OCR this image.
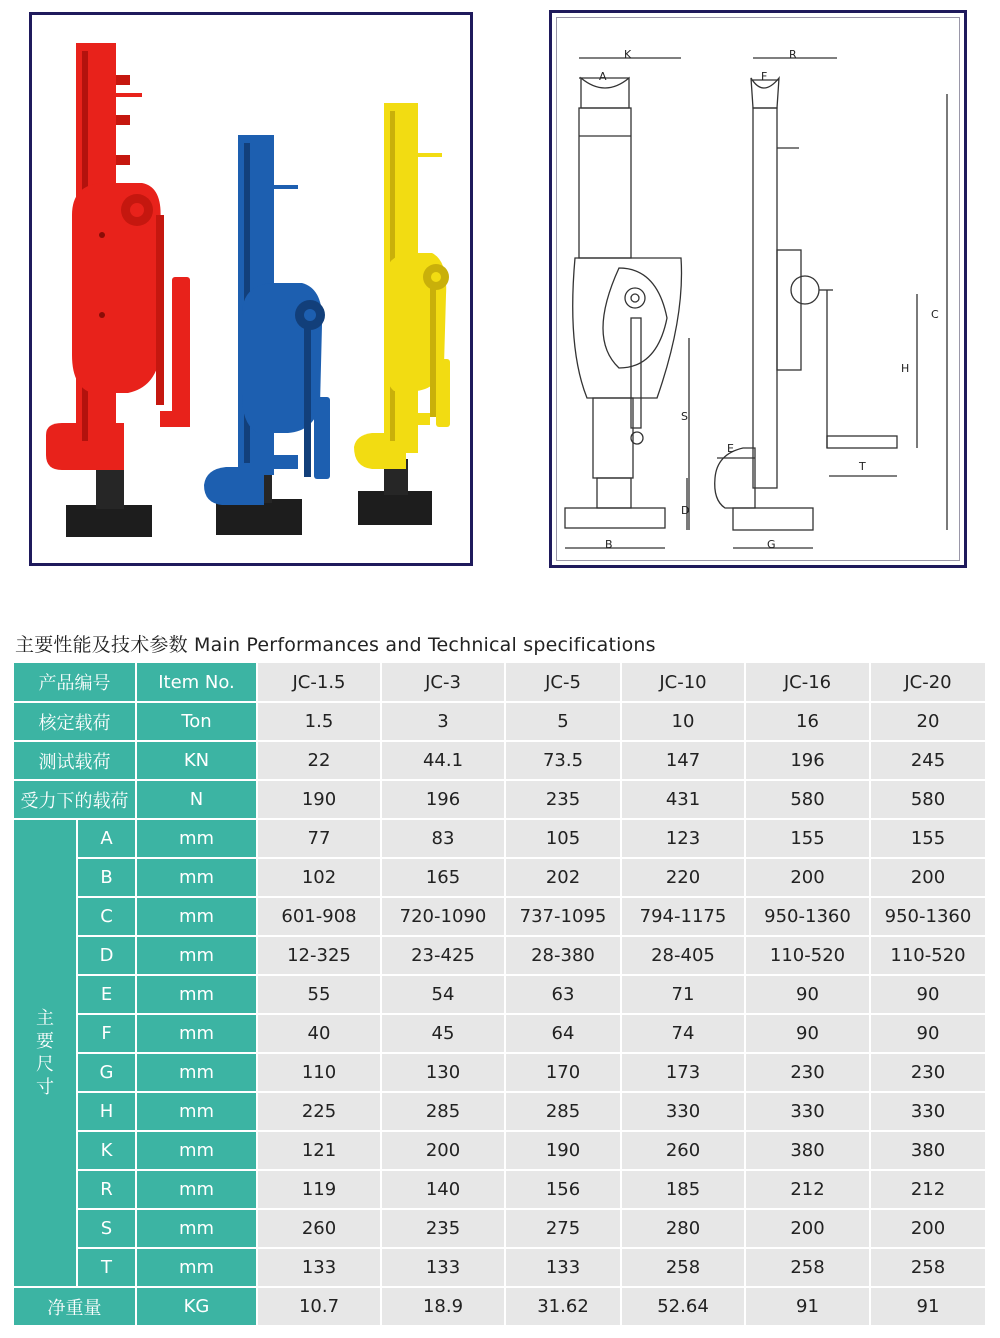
K
A
R
F
C
H
S
E
D
T
B	G
主要性能及技术参数 Main Performances and Technical specifications
产品编号		Item No.	JC-1.5	JC-3	JC-5	JC-10	JC-16	JC-20
核定载荷		Ton	1.5	3	5	10	16	20
测试载荷		KN	22	44.1	73.5	147	196	245
受力下的载荷		N	190	196	235	431	580	580

主
要
尺
寸	A	mm	77	83	105	123	155	155
	B	mm	102	165	202	220	200	200
	C	mm	601-908	720-1090	737-1095	794-1175	950-1360	950-1360
	D	mm	12-325	23-425	28-380	28-405	110-520	110-520
	E	mm	55	54	63	71	90	90
	F	mm	40	45	64	74	90	90
	G	mm	110	130	170	173	230	230
	H	mm	225	285	285	330	330	330
	K	mm	121	200	190	260	380	380
	R	mm	119	140	156	185	212	212
	S	mm	260	235	275	280	200	200
	T	mm	133	133	133	258	258	258
净重量		KG	10.7	18.9	31.62	52.64	91	91
